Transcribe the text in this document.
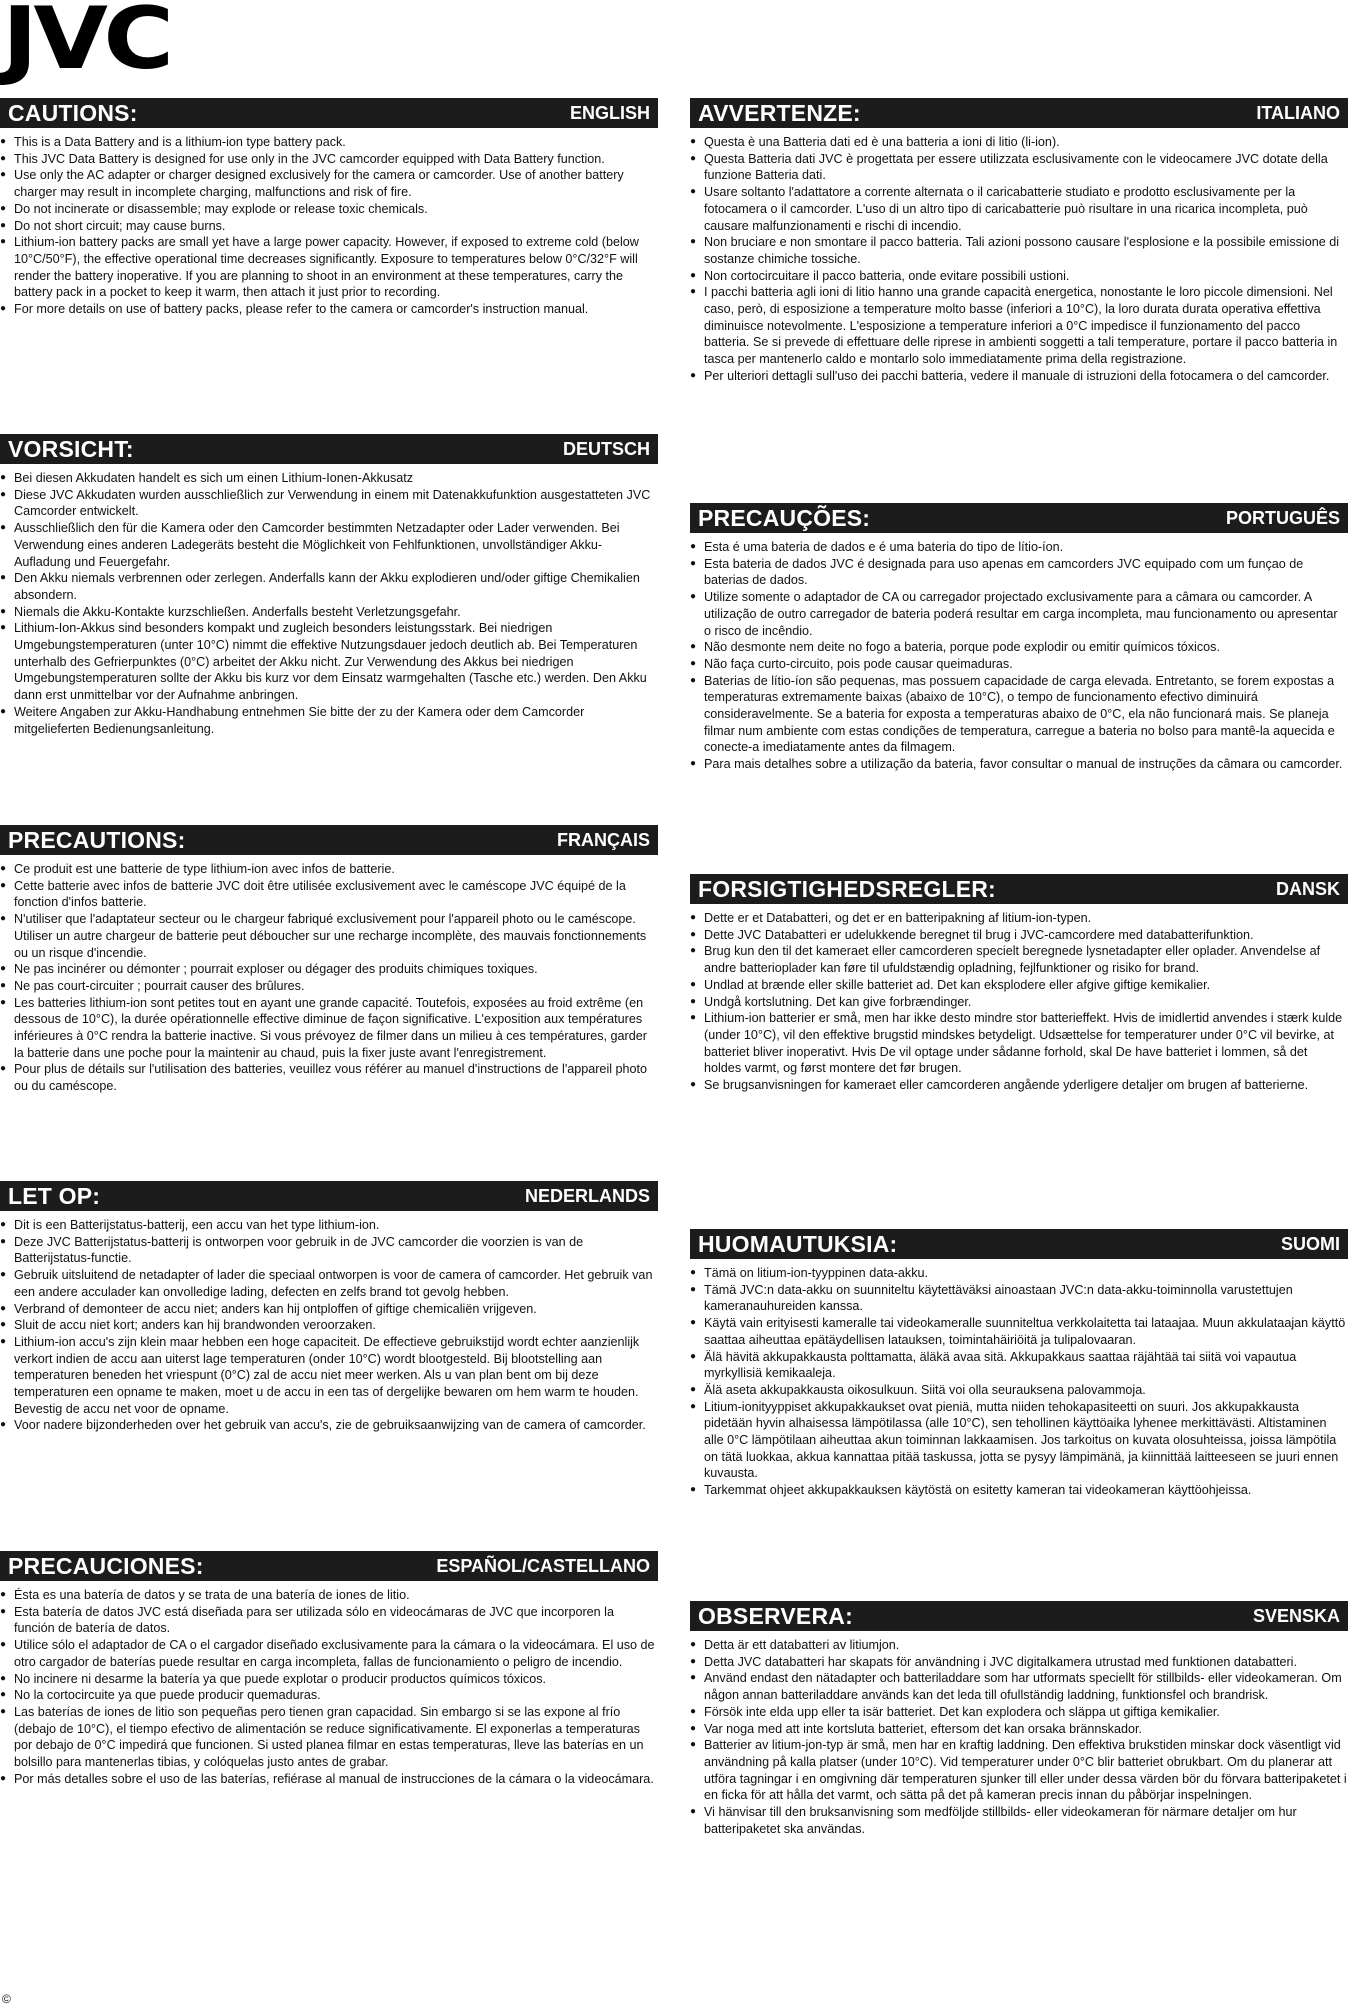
JVC
CAUTIONS:	ENGLISH
● This is a Data Battery and is a lithium-ion type battery pack.
● This JVC Data Battery is designed for use only in the JVC camcorder equipped with Data Battery function.
● Use only the AC adapter or charger designed exclusively for the camera or camcorder. Use of another battery charger may result in incomplete charging, malfunctions and risk of fire.
● Do not incinerate or disassemble; may explode or release toxic chemicals.
● Do not short circuit; may cause burns.
● Lithium-ion battery packs are small yet have a large power capacity. However, if exposed to extreme cold (below 10°C/50°F), the effective operational time decreases significantly. Exposure to temperatures below 0°C/32°F will render the battery inoperative. If you are planning to shoot in an environment at these temperatures, carry the battery pack in a pocket to keep it warm, then attach it just prior to recording.
● For more details on use of battery packs, please refer to the camera or camcorder's instruction manual.
VORSICHT:	DEUTSCH
● Bei diesen Akkudaten handelt es sich um einen Lithium-Ionen-Akkusatz
● Diese JVC Akkudaten wurden ausschließlich zur Verwendung in einem mit Datenakkufunktion ausgestatteten JVC Camcorder entwickelt.
● Ausschließlich den für die Kamera oder den Camcorder bestimmten Netzadapter oder Lader verwenden. Bei Verwendung eines anderen Ladegeräts besteht die Möglichkeit von Fehlfunktionen, unvollständiger Akku-Aufladung und Feuergefahr.
● Den Akku niemals verbrennen oder zerlegen. Anderfalls kann der Akku explodieren und/oder giftige Chemikalien absondern.
● Niemals die Akku-Kontakte kurzschließen. Anderfalls besteht Verletzungsgefahr.
● Lithium-Ion-Akkus sind besonders kompakt und zugleich besonders leistungsstark. Bei niedrigen Umgebungstemperaturen (unter 10°C) nimmt die effektive Nutzungsdauer jedoch deutlich ab. Bei Temperaturen unterhalb des Gefrierpunktes (0°C) arbeitet der Akku nicht. Zur Verwendung des Akkus bei niedrigen Umgebungstemperaturen sollte der Akku bis kurz vor dem Einsatz warmgehalten (Tasche etc.) werden. Den Akku dann erst unmittelbar vor der Aufnahme anbringen.
● Weitere Angaben zur Akku-Handhabung entnehmen Sie bitte der zu der Kamera oder dem Camcorder mitgelieferten Bedienungsanleitung.
PRECAUTIONS:	FRANÇAIS
● Ce produit est une batterie de type lithium-ion avec infos de batterie.
● Cette batterie avec infos de batterie JVC doit être utilisée exclusivement avec le caméscope JVC équipé de la fonction d'infos batterie.
● N'utiliser que l'adaptateur secteur ou le chargeur fabriqué exclusivement pour l'appareil photo ou le caméscope. Utiliser un autre chargeur de batterie peut déboucher sur une recharge incomplète, des mauvais fonctionnements ou un risque d'incendie.
● Ne pas incinérer ou démonter ; pourrait exploser ou dégager des produits chimiques toxiques.
● Ne pas court-circuiter ; pourrait causer des brûlures.
● Les batteries lithium-ion sont petites tout en ayant une grande capacité. Toutefois, exposées au froid extrême (en dessous de 10°C), la durée opérationnelle effective diminue de façon significative. L'exposition aux températures inférieures à 0°C rendra la batterie inactive. Si vous prévoyez de filmer dans un milieu à ces températures, garder la batterie dans une poche pour la maintenir au chaud, puis la fixer juste avant l'enregistrement.
● Pour plus de détails sur l'utilisation des batteries, veuillez vous référer au manuel d'instructions de l'appareil photo ou du caméscope.
LET OP:	NEDERLANDS
● Dit is een Batterijstatus-batterij, een accu van het type lithium-ion.
● Deze JVC Batterijstatus-batterij is ontworpen voor gebruik in de JVC camcorder die voorzien is van de Batterijstatus-functie.
● Gebruik uitsluitend de netadapter of lader die speciaal ontworpen is voor de camera of camcorder. Het gebruik van een andere acculader kan onvolledige lading, defecten en zelfs brand tot gevolg hebben.
● Verbrand of demonteer de accu niet; anders kan hij ontploffen of giftige chemicaliën vrijgeven.
● Sluit de accu niet kort; anders kan hij brandwonden veroorzaken.
● Lithium-ion accu's zijn klein maar hebben een hoge capaciteit. De effectieve gebruikstijd wordt echter aanzienlijk verkort indien de accu aan uiterst lage temperaturen (onder 10°C) wordt blootgesteld. Bij blootstelling aan temperaturen beneden het vriespunt (0°C) zal de accu niet meer werken. Als u van plan bent om bij deze temperaturen een opname te maken, moet u de accu in een tas of dergelijke bewaren om hem warm te houden. Bevestig de accu net voor de opname.
● Voor nadere bijzonderheden over het gebruik van accu's, zie de gebruiksaanwijzing van de camera of camcorder.
PRECAUCIONES:	ESPAÑOL/CASTELLANO
● Ésta es una batería de datos y se trata de una batería de iones de litio.
● Esta batería de datos JVC está diseñada para ser utilizada sólo en videocámaras de JVC que incorporen la función de batería de datos.
● Utilice sólo el adaptador de CA o el cargador diseñado exclusivamente para la cámara o la videocámara. El uso de otro cargador de baterías puede resultar en carga incompleta, fallas de funcionamiento o peligro de incendio.
● No incinere ni desarme la batería ya que puede explotar o producir productos químicos tóxicos.
● No la cortocircuite ya que puede producir quemaduras.
● Las baterías de iones de litio son pequeñas pero tienen gran capacidad. Sin embargo si se las expone al frío (debajo de 10°C), el tiempo efectivo de alimentación se reduce significativamente. El exponerlas a temperaturas por debajo de 0°C impedirá que funcionen. Si usted planea filmar en estas temperaturas, lleve las baterías en un bolsillo para mantenerlas tibias, y colóquelas justo antes de grabar.
● Por más detalles sobre el uso de las baterías, refiérase al manual de instrucciones de la cámara o la videocámara.
AVVERTENZE:	ITALIANO
● Questa è una Batteria dati ed è una batteria a ioni di litio (li-ion).
● Questa Batteria dati JVC è progettata per essere utilizzata esclusivamente con le videocamere JVC dotate della funzione Batteria dati.
● Usare soltanto l'adattatore a corrente alternata o il caricabatterie studiato e prodotto esclusivamente per la fotocamera o il camcorder. L'uso di un altro tipo di caricabatterie può risultare in una ricarica incompleta, può causare malfunzionamenti e rischi di incendio.
● Non bruciare e non smontare il pacco batteria. Tali azioni possono causare l'esplosione e la possibile emissione di sostanze chimiche tossiche.
● Non cortocircuitare il pacco batteria, onde evitare possibili ustioni.
● I pacchi batteria agli ioni di litio hanno una grande capacità energetica, nonostante le loro piccole dimensioni. Nel caso, però, di esposizione a temperature molto basse (inferiori a 10°C), la loro durata durata operativa effettiva diminuisce notevolmente. L'esposizione a temperature inferiori a 0°C impedisce il funzionamento del pacco batteria. Se si prevede di effettuare delle riprese in ambienti soggetti a tali temperature, portare il pacco batteria in tasca per mantenerlo caldo e montarlo solo immediatamente prima della registrazione.
● Per ulteriori dettagli sull'uso dei pacchi batteria, vedere il manuale di istruzioni della fotocamera o del camcorder.
PRECAUÇÕES:	PORTUGUÊS
● Esta é uma bateria de dados e é uma bateria do tipo de lítio-íon.
● Esta bateria de dados JVC é designada para uso apenas em camcorders JVC equipado com um funçao de baterias de dados.
● Utilize somente o adaptador de CA ou carregador projectado exclusivamente para a câmara ou camcorder. A utilização de outro carregador de bateria poderá resultar em carga incompleta, mau funcionamento ou apresentar o risco de incêndio.
● Não desmonte nem deite no fogo a bateria, porque pode explodir ou emitir químicos tóxicos.
● Não faça curto-circuito, pois pode causar queimaduras.
● Baterias de lítio-íon são pequenas, mas possuem capacidade de carga elevada. Entretanto, se forem expostas a temperaturas extremamente baixas (abaixo de 10°C), o tempo de funcionamento efectivo diminuirá consideravelmente. Se a bateria for exposta a temperaturas abaixo de 0°C, ela não funcionará mais. Se planeja filmar num ambiente com estas condições de temperatura, carregue a bateria no bolso para mantê-la aquecida e conecte-a imediatamente antes da filmagem.
● Para mais detalhes sobre a utilização da bateria, favor consultar o manual de instruções da câmara ou camcorder.
FORSIGTIGHEDSREGLER:	DANSK
● Dette er et Databatteri, og det er en batteripakning af litium-ion-typen.
● Dette JVC Databatteri er udelukkende beregnet til brug i JVC-camcordere med databatterifunktion.
● Brug kun den til det kameraet eller camcorderen specielt beregnede lysnetadapter eller oplader. Anvendelse af andre batterioplader kan føre til ufuldstændig opladning, fejlfunktioner og risiko for brand.
● Undlad at brænde eller skille batteriet ad. Det kan eksplodere eller afgive giftige kemikalier.
● Undgå kortslutning. Det kan give forbrændinger.
● Lithium-ion batterier er små, men har ikke desto mindre stor batterieffekt. Hvis de imidlertid anvendes i stærk kulde (under 10°C), vil den effektive brugstid mindskes betydeligt. Udsættelse for temperaturer under 0°C vil bevirke, at batteriet bliver inoperativt. Hvis De vil optage under sådanne forhold, skal De have batteriet i lommen, så det holdes varmt, og først montere det før brugen.
● Se brugsanvisningen for kameraet eller camcorderen angående yderligere detaljer om brugen af batterierne.
HUOMAUTUKSIA:	SUOMI
● Tämä on litium-ion-tyyppinen data-akku.
● Tämä JVC:n data-akku on suunniteltu käytettäväksi ainoastaan JVC:n data-akku-toiminnolla varustettujen kameranauhureiden kanssa.
● Käytä vain erityisesti kameralle tai videokameralle suunniteltua verkkolaitetta tai lataajaa. Muun akkulataajan käyttö saattaa aiheuttaa epätäydellisen latauksen, toimintahäiriöitä ja tulipalovaaran.
● Älä hävitä akkupakkausta polttamatta, äläkä avaa sitä. Akkupakkaus saattaa räjähtää tai siitä voi vapautua myrkyllisiä kemikaaleja.
● Älä aseta akkupakkausta oikosulkuun. Siitä voi olla seurauksena palovammoja.
● Litium-ionityyppiset akkupakkaukset ovat pieniä, mutta niiden tehokapasiteetti on suuri. Jos akkupakkausta pidetään hyvin alhaisessa lämpötilassa (alle 10°C), sen tehollinen käyttöaika lyhenee merkittävästi. Altistaminen alle 0°C lämpötilaan aiheuttaa akun toiminnan lakkaamisen. Jos tarkoitus on kuvata olosuhteissa, joissa lämpötila on tätä luokkaa, akkua kannattaa pitää taskussa, jotta se pysyy lämpimänä, ja kiinnittää laitteeseen se juuri ennen kuvausta.
● Tarkemmat ohjeet akkupakkauksen käytöstä on esitetty kameran tai videokameran käyttöohjeissa.
OBSERVERA:	SVENSKA
● Detta är ett databatteri av litiumjon.
● Detta JVC databatteri har skapats för användning i JVC digitalkamera utrustad med funktionen databatteri.
● Använd endast den nätadapter och batteriladdare som har utformats speciellt för stillbilds- eller videokameran. Om någon annan batteriladdare används kan det leda till ofullständig laddning, funktionsfel och brandrisk.
● Försök inte elda upp eller ta isär batteriet. Det kan explodera och släppa ut giftiga kemikalier.
● Var noga med att inte kortsluta batteriet, eftersom det kan orsaka brännskador.
● Batterier av litium-jon-typ är små, men har en kraftig laddning. Den effektiva brukstiden minskar dock väsentligt vid användning på kalla platser (under 10°C). Vid temperaturer under 0°C blir batteriet obrukbart. Om du planerar att utföra tagningar i en omgivning där temperaturen sjunker till eller under dessa värden bör du förvara batteripaketet i en ficka för att hålla det varmt, och sätta på det på kameran precis innan du påbörjar inspelningen.
● Vi hänvisar till den bruksanvisning som medföljde stillbilds- eller videokameran för närmare detaljer om hur batteripaketet ska användas.
©
